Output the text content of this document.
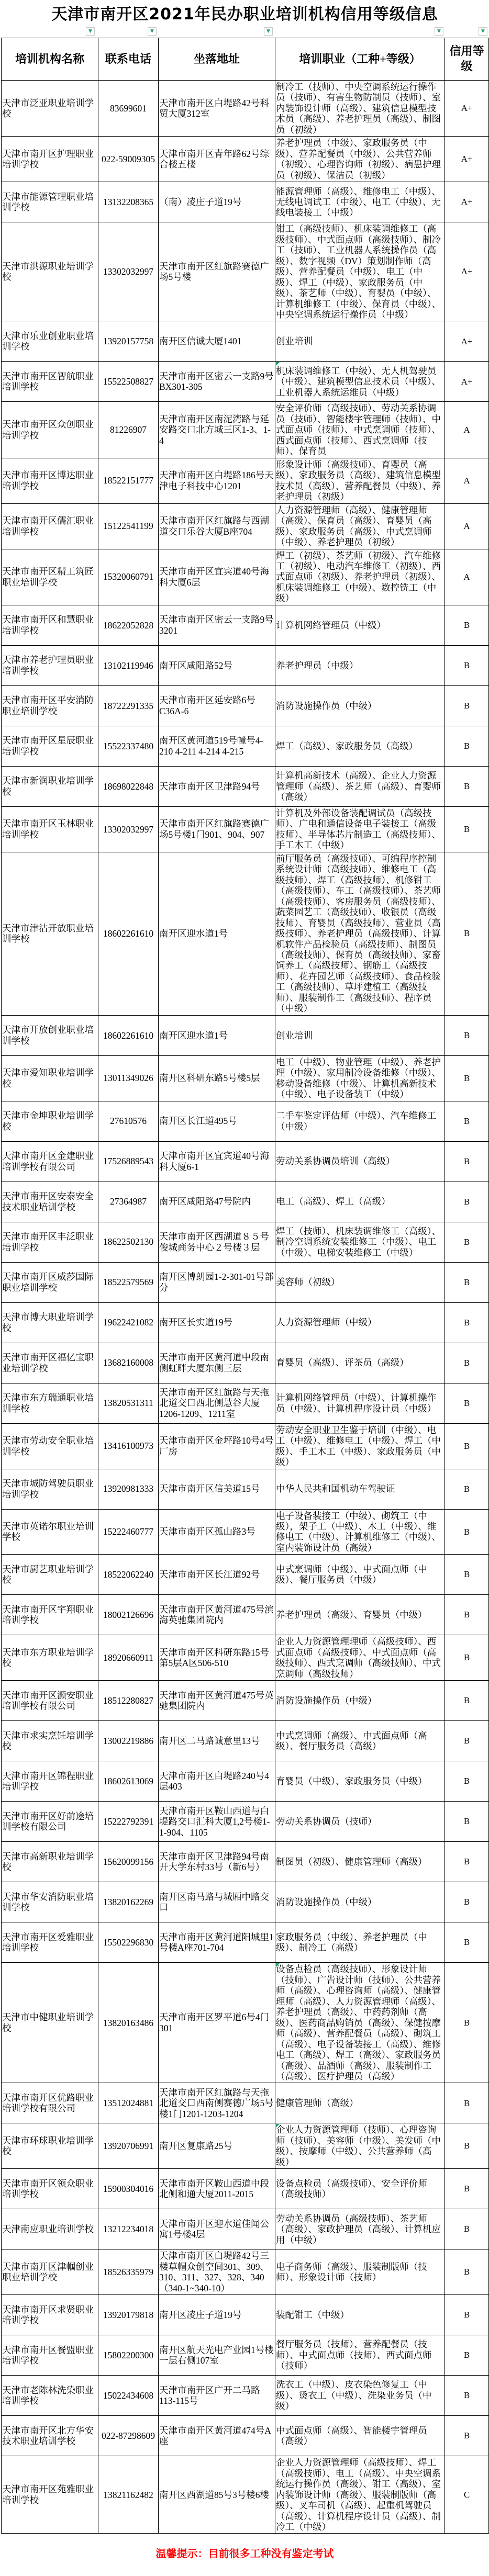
天津市南开区2021年民办职业培训机构信用等级信息
▼	▼	▼	▼	▼
培训机构名称	联系电话	坐落地址	培训职业（工种+等级）	信用等级
天津市泛亚职业培训学校	83699601	天津市南开区白堤路42号科贸大厦312室	制冷工（技师）、中央空调系统运行操作员（技师）、有害生物防制员（技师）、室内装饰设计师（高级）、建筑信息模型技术员（高级）、养老护理员（高级）、制图员（初级）	A+
天津市南开区护理职业培训学校	022-59009305	天津市南开区青年路62号综合楼五楼	养老护理员（中级）、家政服务员（中级）、营养配餐员（中级）、公共营养师（初级）、心理咨询师（初级）、病患护理员（初级）、保洁员（初级）	A+
天津市能源管理职业培训学校	13132208365	（南）凌庄子道19号	能源管理师（高级）、维修电工（中级）、无线电调试工（中级）、电工（中级）、无线电装接工（中级）	A+
天津市洪源职业培训学校	13302032997	天津市南开区红旗路赛德广场5号楼	钳工（高级技师）、机床装调维修工（高级技师）、中式面点师（高级技师）、制冷工（技师）、工业机器人系统操作员（高级）、数字视频（DV）策划制作师（高级）、营养配餐员（中级）、电工（中级）、焊工（中级）、家政服务员（中级）、茶艺师（中级）、育婴员（中级）、计算机维修工（中级）、保育员（中级）、中央空调系统运行操作员（中级）	A+
天津市乐业创业职业培训学校	13920157758	南开区信诚大厦1401	创业培训	A+
天津市南开区智航职业培训学校	15522508827	天津市南开区密云一支路9号BX301-305	机床装调维修工（中级）、无人机驾驶员（中级）、建筑模型信息技术员（中级）、工业机器人系统运维员（中级）	A+
天津市南开区众创职业培训学校	81226907	天津市南开区南泥湾路与延安路交口北方城三区1-3、1-4	安全评价师（高级技师）、劳动关系协调员（技师）、智能楼宇管理师（技师）、中式面点师（技师）、中式烹调师（技师）、西式面点师（技师）、西式烹调师（技师）、保育员	A
天津市南开区博达职业培训学校	18522151777	天津市南开区白堤路186号天津电子科技中心1201	形象设计师（高级技师）、育婴员（高级）、家政服务员（高级）、建筑信息模型技术员（高级）、营养配餐员（中级）、养老护理员（初级）	A
天津市南开区儒汇职业培训学校	15122541199	天津市南开区红旗路与西湖道交口乐谷大厦B座704	人力资源管理师（高级）、健康管理师（高级）、保育员（高级）、育婴员（高级）、家政服务员（高级）、中式烹调师（中级）、养老护理员（初级）	A
天津市南开区精工筑匠职业培训学校	15320060791	天津市南开区宜宾道40号海科大厦6层	焊工（初级）、茶艺师（初级）、汽车维修工（初级）、电动汽车维修工（初级）、西式面点师（初级）、养老护理员（初级）、机床装调维修工（中级）、数控铣工（中级）	A
天津市南开区和慧职业培训学校	18622052828	天津市南开区密云一支路9号3201	计算机网络管理员（中级）	B
天津市养老护理员职业培训学校	13102119946	南开区咸阳路52号	养老护理员（中级）	B
天津市南开区平安消防职业培训学校	18722291335	天津市南开区延安路6号C36A-6	消防设施操作员（中级）	B
天津市南开区星辰职业培训学校	15522337480	南开区黄河道519号幢号4-210 4-211 4-214 4-215	焊工（高级）、家政服务员（高级）	B
天津市新润职业培训学校	18698022848	天津市南开区卫津路94号	计算机高新技术（高级）、企业人力资源管理师（高级）、茶艺师（高级）、育婴师（高级）	B
天津市南开区玉林职业培训学校	13302032997	天津市南开区红旗路赛德广场5号楼1门901、904、907	计算机及外部设备装配调试员（高级技师）、广电和通信设备电子装接工（高级技师）、半导体芯片制造工（高级技师）、手工木工（中级）	B
天津市津沽开放职业培训学校	18602261610	南开区迎水道1号	前厅服务员（高级技师）、可编程序控制系统设计师（高级技师）、维修电工（高级技师）、焊工（高级技师）、机修钳工（高级技师）、车工（高级技师）、茶艺师（高级技师）、客房服务员（高级技师）、蔬菜园艺工（高级技师）、收银员（高级技师）、育婴员（高级技师）、营业员（高级技师）、养老护理员（高级技师）、计算机软件产品检验员（高级技师）、制图员（高级技师）、保育员（高级技师）、家畜饲养工（高级技师）、钢筋工（高级技师）、花卉园艺师（高级技师）、食品检验工（高级技师）、草坪建植工（高级技师）、服装制作工（高级技师）、程序员（中级）	B
天津市开放创业职业培训学校	18602261610	南开区迎水道1号	创业培训	B
天津市爱知职业培训学校	13011349026	南开区科研东路5号楼5层	电工（中级）、物业管理（中级）、养老护理（中级）、家用制冷设备维修（中级）、移动设备维修（中级）、计算机高新技术（中级）、电子设备装工（中级）	B
天津市金坤职业培训学校	27610576	南开区长江道495号	二手车鉴定评估师（中级）、汽车维修工（中级）	B
天津市南开区金建职业培训学校有限公司	17526889543	天津市南开区宜宾道40号海科大厦6-1	劳动关系协调员培训（高级）	B
天津市南开区安泰安全技术职业培训学校	27364987	南开区咸阳路47号院内	电工（高级）、焊工（高级）	B
天津市南开区丰泛职业培训学校	18622502130	天津市南开区西湖道８５号俊城商务中心２号楼３层	焊工（技师）、机床装调维修工（高级）、制冷空调系统安装维修工（中级）、电工（中级）、电梯安装维修工（中级）	B
天津市南开区威莎国际职业培训学校	18522579569	南开区博朗园1-2-301-01号部分	美容师（初级）	B
天津市博大职业培训学校	19622421082	南开区长实道19号	人力资源管理师（中级）	B
天津市南开区福亿宝职业培训学校	13682160008	天津市南开区黄河道中段南侧虹畔大厦东侧三层	育婴员（高级）、评茶员（高级）	B
天津市东方瑞通职业培训学校	13820531311	天津市南开区红旗路与天拖北道交口西北侧慧谷大厦1206-1209、1211室	计算机网络管理员（中级）、计算机操作员（中级）、计算机程序设计员（中级）	B
天津市劳动安全职业培训学校	13416100973	天津市南开区金坪路10号4号厂房	劳动安全职业卫生鉴于培训（中级）、电工（中级）、维修电工（中级）、焊工（中级）、手工木工（中级）、家政服务员（中级）	B
天津市城防驾驶员职业培训学校	13920981333	天津市南开区信美道15号	中华人民共和国机动车驾驶证	B
天津市英诺尔职业培训学校	15222460777	天津市南开区孤山路3号	电子设备装接工（中级）、砌筑工（中级），架子工（中级）、木工（中级）、维修电工（中级）、计算机维修工（中级）、室内装饰设计员（高级）	B
天津市厨艺职业培训学校	18522062240	天津市南开区长江道92号	中式烹调师（中级）、中式面点师（中级）、餐厅服务员（中级）	B
天津市南开区宇翔职业培训学校	18002126696	天津市南开区黄河道475号滨海英驰集团院内	养老护理员（高级）、育婴员（中级）	B
天津市东方职业培训学校	18920660911	天津市南开区科研东路15号第5层A区506-510	企业人力资源管理理师（高级技师）、西式面点师（高级技师）、中式面点师（高级技师）、西式烹调师（高级技师）、中式烹调师（高级技师）	B
天津市南开区灏安职业培训学校有限公司	18512280827	天津市南开区黄河道475号英驰集团院内	消防设施操作员（中级）	B
天津市求实烹饪培训学校	13002219886	南开区二马路诚意里13号	中式烹调师（高级）、中式面点师（高级）、餐厅服务员（高级）	B
天津市南开区锦程职业培训学校	18602613069	天津市南开区白堤路240号4层403	育婴员（中级）、家政服务员（中级）	B
天津市南开区好前途培训学校有限公司	15222792391	天津市南开区鞍山西道与白堤路交口汇科大厦1,2号楼1-1-904、1105	劳动关系协调员（技师）	B
天津市高新职业培训学校	15620099156	天津市南开区卫津路94号南开大学东村33号（新6号）	制图员（初级）、健康管理师（高级）	B
天津市华安消防职业培训学校	13820162269	南开区南马路与城厢中路交口	消防设施操作员（中级）	B
天津市南开区爱雅职业培训学校	15502296830	天津市南开区黄河道阳城里1号楼A座701-704	家政服务员（中级）、养老护理员（中级）、制冷工（高级）	B
天津市中健职业培训学校	13820163486	天津市南开区罗平道6号4门301	设备点检员（高级技师）、形象设计师（技师）、广告设计师（技师）、公共营养师（高级）、心理咨询师（高级）、健康管理师（高级）、人力资源管理师（高级）、养老护理员（高级）、中药药剂师（高级）、医药商品购销员（高级）、保健按摩师（高级）、营养配餐员（高级）、砌筑工（高级）、电子设备装接工（高级）、维修电工（高级）、焊工（高级）、家政服务员（高级）、品酒师（高级）、服装制作工（高级）、医疗护理员（高级）	B
天津市南开区优路职业培训学校有限公司	13512024881	天津市南开区红旗路与天拖北道交口西南侧赛德广场5号楼1门1201-1203-1204	健康管理师（高级）	B
天津市环球职业培训学校	13920706991	南开区复康路25号	企业人力资源管理师（技师）、心理咨询师（技师）、美容师（中级）、美发师（中级）、按摩师（中级）、公共营养师（高级）	B
天津市南开区领众职业培训学校	15900304016	天津市南开区鞍山西道中段北侧和通大厦2011-2015	设备点检员（高级技师）、安全评价师（高级技师）	B
天津南应职业培训学校	13212234018	天津市南开区迎水道佳闻公寓1号楼4层	劳动关系协调员（高级技师）、茶艺师（高级）、家政护理员（高级）、计算机应用（中级）	B
天津市南开区津帼创业职业培训学校	18526335979	天津市南开区白堤路42号三楼草帽众创空间301、309、310、311、327、328、340（340-1~340-10）	电子商务师（高级）、服装制版师（技师）、形象设计师（技师）	B
天津市南开区求贤职业培训学校	13920179818	南开区凌庄子道19号	装配钳工（中级）	B
天津市南开区餐盟职业培训学校	15802200300	南开区航天光电产业园1号楼一层右侧107室	餐厅服务员（技师）、营养配餐员（技师）、中式面点师（技师）、西式面点师（技师）	B
天津市老陈林洗染职业培训学校	15022434608	天津市南开区广开二马路113-115号	洗衣工（中级）、皮衣染色修复工（中级）、烫衣工（中级）、洗染业务员（中级）	B
天津市南开区北方华安技术职业培训学校	022-87298609	天津市南开区黄河道474号A座	中式面点师（高级）、智能楼宇管理员（高级）	B
天津市南开区苑雅职业培训学校	13821162482	南开区西湖道85号3号楼6楼	企业人力资源管理师（高级技师）、焊工（高级技师）、电工（高级）、中央空调系统运行操作员（高级）、钳工（高级）、室内装饰设计师（高级）、服装制版师（高级）、叉车司机（高级）、起重机驾驶员（高级）、计算机程序设计员（高级）、制冷工（中级）	C
温馨提示：目前很多工种没有鉴定考试
